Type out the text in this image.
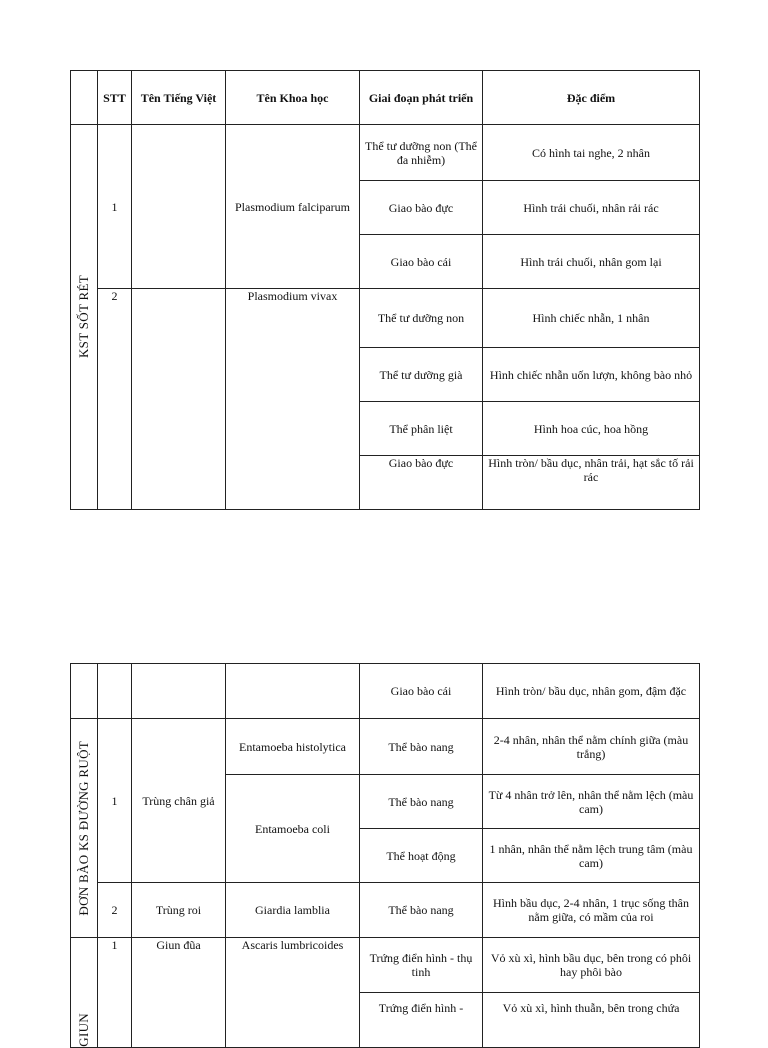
	STT	Tên Tiếng Việt	Tên Khoa học	Giai đoạn phát triển	Đặc điểm

KST SỐT RÉT	1		Plasmodium falciparum	Thể tư dưỡng non (Thể đa nhiễm)	Có hình tai nghe, 2 nhân
				Giao bào đực	Hình trái chuối, nhân rải rác
				Giao bào cái	Hình trái chuối, nhân gom lại
	2		Plasmodium vivax	Thể tư dưỡng non	Hình chiếc nhẫn, 1 nhân
				Thể tư dưỡng già	Hình chiếc nhẫn uốn lượn, không bào nhỏ
				Thể phân liệt	Hình hoa cúc, hoa hồng
				Giao bào đực	Hình tròn/ bầu dục, nhân trải, hạt sắc tố rải rác
				Giao bào cái	Hình tròn/ bầu dục, nhân gom, đậm đặc

ĐƠN BÀO KS ĐƯỜNG RUỘT	1	Trùng chân giả	Entamoeba histolytica	Thể bào nang	2-4 nhân, nhân thể nằm chính giữa (màu trắng)
			Entamoeba coli	Thể bào nang	Từ 4 nhân trở lên, nhân thể nằm lệch (màu cam)
				Thể hoạt động	1 nhân, nhân thể nằm lệch trung tâm (màu cam)
	2	Trùng roi	Giardia lamblia	Thể bào nang	Hình bầu dục, 2-4 nhân, 1 trục sống thân nằm giữa, có mầm của roi

GIUN	1	Giun đũa	Ascaris lumbricoides	Trứng điển hình - thụ tinh	Vỏ xù xì, hình bầu dục, bên trong có phôi hay phôi bào
				Trứng điển hình -	Vỏ xù xì, hình thuẫn, bên trong chứa
